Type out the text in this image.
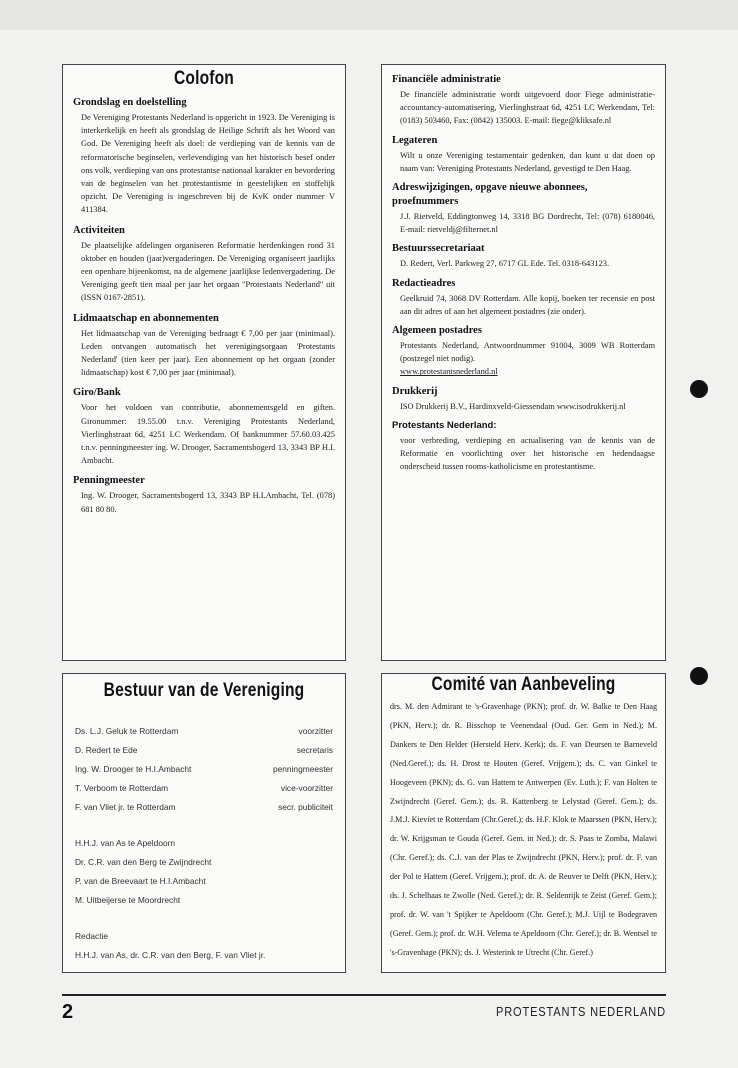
Colofon

Grondslag en doelstelling

De Vereniging Protestants Nederland is opgericht in 1923. De Vereniging is interkerkelijk en heeft als grondslag de Heilige Schrift als het Woord van God. De Vereniging heeft als doel: de verdieping van de kennis van de reformatorische beginselen, verlevendiging van het historisch besef onder ons volk, verdieping van ons protestantse nationaal karakter en bevordering van de beginselen van het protestantisme in geestelijken en stoffelijk opzicht. De Vereniging is ingeschreven bij de KvK onder nummer V 411384.

Activiteiten

De plaatselijke afdelingen organiseren Reformatie herdenkingen rond 31 oktober en houden (jaar)vergaderingen. De Vereniging organiseert jaarlijks een openbare bijeenkomst, na de algemene jaarlijkse ledenvergadering. De Vereniging geeft tien maal per jaar het orgaan "Protestants Nederland" uit (ISSN 0167-2851).

Lidmaatschap en abonnementen

Het lidmaatschap van de Vereniging bedraagt € 7,00 per jaar (minimaal). Leden ontvangen automatisch het verenigingsorgaan 'Protestants Nederland' (tien keer per jaar). Een abonnement op het orgaan (zonder lidmaatschap) kost € 7,00 per jaar (minimaal).

Giro/Bank

Voor het voldoen van contributie, abonnementsgeld en giften. Gironummer: 19.55.00 t.n.v. Vereniging Protestants Nederland, Vierlinghstraat 6d, 4251 LC Werkendam. Of banknummer 57.60.03.425 t.n.v. penningmeester ing. W. Drooger, Sacramentsbogerd 13, 3343 BP H.I. Ambacht.

Penningmeester

Ing. W. Drooger, Sacramentsbogerd 13, 3343 BP H.I.Ambacht, Tel. (078) 681 80 80.

Financiële administratie

De financiële administratie wordt uitgevoerd door Fiege administratie-accountancy-automatisering, Vierlinghstraat 6d, 4251 LC Werkendam, Tel: (0183) 503460, Fax: (0842) 135003. E-mail: fiege@kliksafe.nl

Legateren

Wilt u onze Vereniging testamentair gedenken, dan kunt u dat doen op naam van: Vereniging Protestants Nederland, gevestigd te Den Haag.

Adreswijzigingen, opgave nieuwe abonnees, proefnummers

J.J. Rietveld, Eddingtonweg 14, 3318 BG Dordrecht, Tel: (078) 6180046, E-mail: rietveldj@filternet.nl

Bestuurssecretariaat

D. Redert, Verl. Parkweg 27, 6717 GL Ede. Tel. 0318-643123.

Redactieadres

Geelkruid 74, 3068 DV Rotterdam. Alle kopij, boeken ter recensie en post aan dit adres of aan het algemeen postadres (zie onder).

Algemeen postadres

Protestants Nederland, Antwoordnummer 91004, 3009 WB Rotterdam (postzegel niet nodig).

www.protestantsnederland.nl

Drukkerij

ISO Drukkerij B.V., Hardinxveld-Giessendam www.isodrukkerij.nl

Protestants Nederland:

voor verbreding, verdieping en actualisering van de kennis van de Reformatie en voorlichting over het historische en hedendaagse onderscheid tussen rooms-katholicisme en protestantisme.

Bestuur van de Vereniging
Ds. L.J. Geluk te Rotterdam	voorzitter
D. Redert te Ede	secretaris
Ing. W. Drooger te H.I.Ambacht	penningmeester
T. Verboom te Rotterdam	vice-voorzitter
F. van Vliet jr. te Rotterdam	secr. publiciteit
H.H.J. van As te Apeldoorn
Dr. C.R. van den Berg te Zwijndrecht
P. van de Breevaart te H.I.Ambacht
M. Uitbeijerse te Moordrecht
Redactie
H.H.J. van As, dr. C.R. van den Berg, F. van Vliet jr.
Comité van Aanbeveling

drs. M. den Admirant te 's-Gravenhage (PKN); prof. dr. W. Balke te Den Haag (PKN, Herv.); dr. R. Bisschop te Veenendaal (Oud. Ger. Gem in Ned.); M. Dankers te Den Helder (Hersteld Herv. Kerk); ds. F. van Deursen te Barneveld (Ned.Geref.); ds. H. Drost te Houten (Geref. Vrijgem.); ds. C. van Ginkel te Hoogeveen (PKN); ds. G. van Hattem te Antwerpen (Ev. Luth.); F. van Holten te Zwijndrecht (Geref. Gem.); ds. R. Kattenberg te Lelystad (Geref. Gem.); ds. J.M.J. Kieviet te Rotterdam (Chr.Geref.); ds. H.F. Klok te Maarssen (PKN, Herv.); dr. W. Krijgsman te Gouda (Geref. Gem. in Ned.); dr. S. Paas te Zomba, Malawi (Chr. Geref.); ds. C.J. van der Plas te Zwijndrecht (PKN, Herv.); prof. dr. F. van der Pol te Hattem (Geref. Vrijgem.); prof. dr. A. de Reuver te Delft (PKN, Herv.); ds. J. Schelhaas te Zwolle (Ned. Geref.); dr. R. Seldenrijk te Zeist (Geref. Gem.); prof. dr. W. van 't Spijker te Apeldoorn (Chr. Geref.); M.J. Uijl te Bodegraven (Geref. Gem.); prof. dr. W.H. Velema te Apeldoorn (Chr. Geref.); dr. B. Wentsel te 's-Gravenhage (PKN); ds. J. Westerink te Utrecht (Chr. Geref.)

2	PROTESTANTS NEDERLAND
